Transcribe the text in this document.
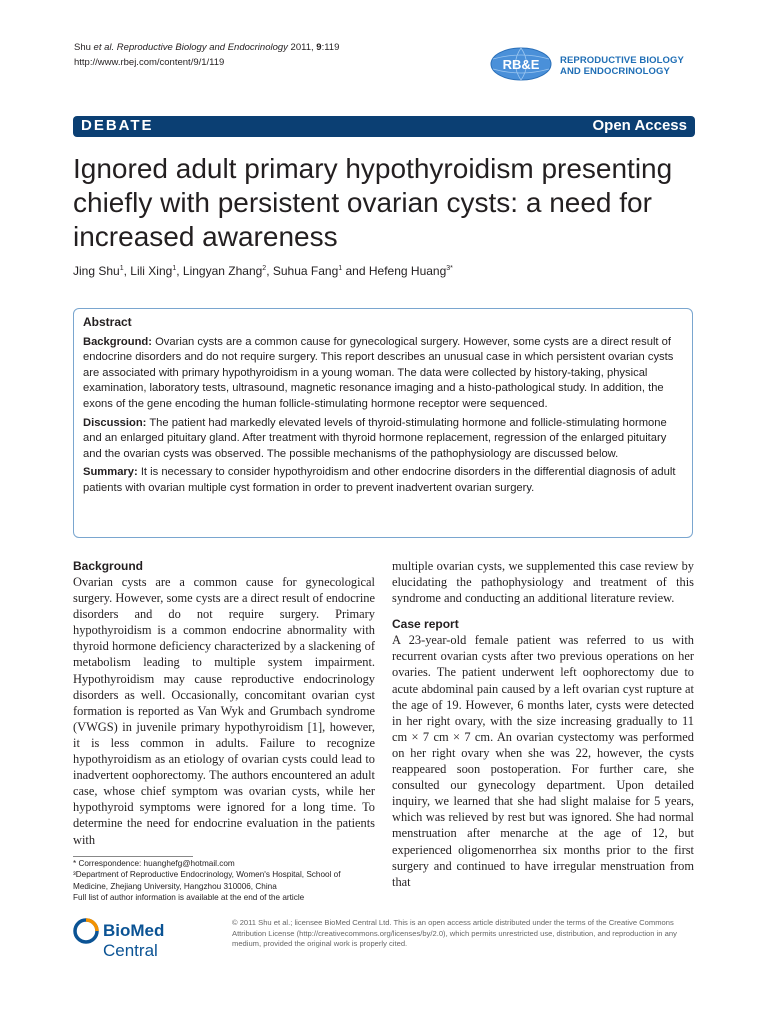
Shu et al. Reproductive Biology and Endocrinology 2011, 9:119
http://www.rbej.com/content/9/1/119	RB&E REPRODUCTIVE BIOLOGY
AND ENDOCRINOLOGY
DEBATE	Open Access
Ignored adult primary hypothyroidism presenting chiefly with persistent ovarian cysts: a need for increased awareness
Jing Shu$^1$, Lili Xing$^1$, Lingyan Zhang$^2$, Suhua Fang$^1$ and Hefeng Huang$^{3*}$
Abstract

Background: Ovarian cysts are a common cause for gynecological surgery. However, some cysts are a direct result of endocrine disorders and do not require surgery. This report describes an unusual case in which persistent ovarian cysts are associated with primary hypothyroidism in a young woman. The data were collected by history-taking, physical examination, laboratory tests, ultrasound, magnetic resonance imaging and a histo-pathological study. In addition, the exons of the gene encoding the human follicle-stimulating hormone receptor were sequenced.

Discussion: The patient had markedly elevated levels of thyroid-stimulating hormone and follicle-stimulating hormone and an enlarged pituitary gland. After treatment with thyroid hormone replacement, regression of the enlarged pituitary and the ovarian cysts was observed. The possible mechanisms of the pathophysiology are discussed below.

Summary: It is necessary to consider hypothyroidism and other endocrine disorders in the differential diagnosis of adult patients with ovarian multiple cyst formation in order to prevent inadvertent ovarian surgery.

Background

Ovarian cysts are a common cause for gynecological surgery. However, some cysts are a direct result of endocrine disorders and do not require surgery. Primary hypothyroidism is a common endocrine abnormality with thyroid hormone deficiency characterized by a slackening of metabolism leading to multiple system impairment. Hypothyroidism may cause reproductive endocrinology disorders as well. Occasionally, concomitant ovarian cyst formation is reported as Van Wyk and Grumbach syndrome (VWGS) in juvenile primary hypothyroidism [1], however, it is less common in adults. Failure to recognize hypothyroidism as an etiology of ovarian cysts could lead to inadvertent oophorectomy. The authors encountered an adult case, whose chief symptom was ovarian cysts, while her hypothyroid symptoms were ignored for a long time. To determine the need for endocrine evaluation in the patients with

multiple ovarian cysts, we supplemented this case review by elucidating the pathophysiology and treatment of this syndrome and conducting an additional literature review.

Case report

A 23-year-old female patient was referred to us with recurrent ovarian cysts after two previous operations on her ovaries. The patient underwent left oophorectomy due to acute abdominal pain caused by a left ovarian cyst rupture at the age of 19. However, 6 months later, cysts were detected in her right ovary, with the size increasing gradually to 11 cm × 7 cm × 7 cm. An ovarian cystectomy was performed on her right ovary when she was 22, however, the cysts reappeared soon postoperation. For further care, she consulted our gynecology department. Upon detailed inquiry, we learned that she had slight malaise for 5 years, which was relieved by rest but was ignored. She had normal menstruation after menarche at the age of 12, but experienced oligomenorrhea six months prior to the first surgery and continued to have irregular menstruation from that

* Correspondence: huanghefg@hotmail.com

³Department of Reproductive Endocrinology, Women's Hospital, School of Medicine, Zhejiang University, Hangzhou 310006, China

Full list of author information is available at the end of the article

BioMed Central
© 2011 Shu et al.; licensee BioMed Central Ltd. This is an open access article distributed under the terms of the Creative Commons Attribution License (http://creativecommons.org/licenses/by/2.0), which permits unrestricted use, distribution, and reproduction in any medium, provided the original work is properly cited.
